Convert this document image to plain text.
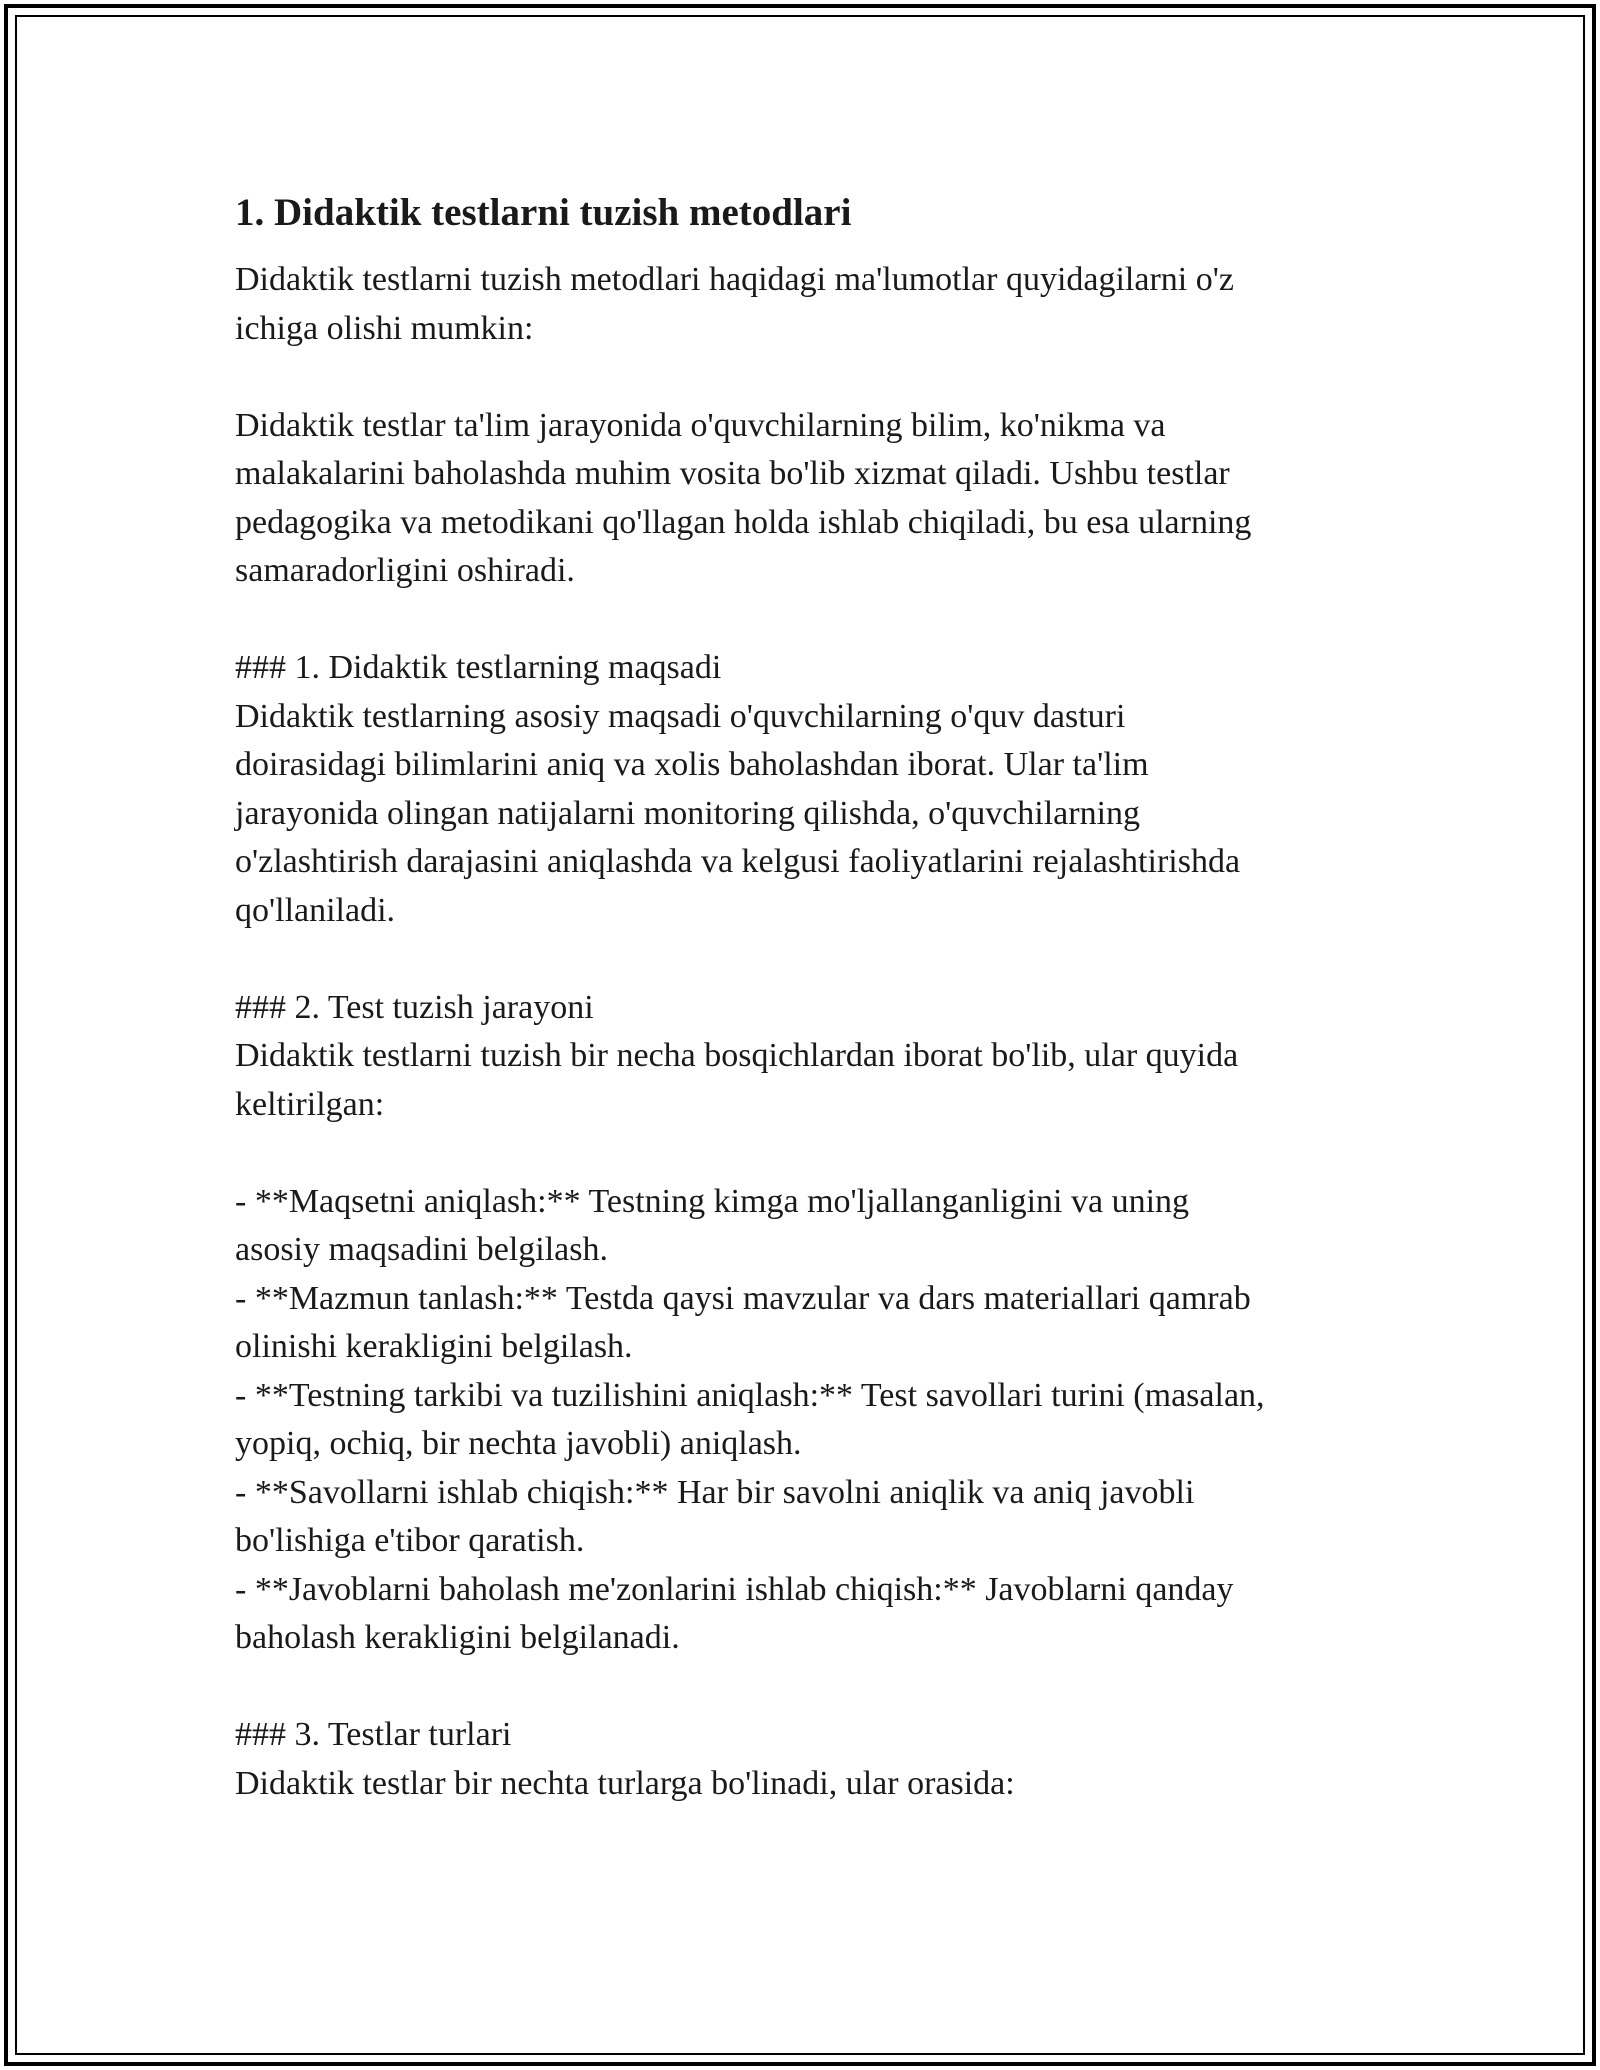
1. Didaktik testlarni tuzish metodlari

Didaktik testlarni tuzish metodlari haqidagi ma'lumotlar quyidagilarni o'z
ichiga olishi mumkin:

Didaktik testlar ta'lim jarayonida o'quvchilarning bilim, ko'nikma va
malakalarini baholashda muhim vosita bo'lib xizmat qiladi. Ushbu testlar
pedagogika va metodikani qo'llagan holda ishlab chiqiladi, bu esa ularning
samaradorligini oshiradi.

### 1. Didaktik testlarning maqsadi
Didaktik testlarning asosiy maqsadi o'quvchilarning o'quv dasturi
doirasidagi bilimlarini aniq va xolis baholashdan iborat. Ular ta'lim
jarayonida olingan natijalarni monitoring qilishda, o'quvchilarning
o'zlashtirish darajasini aniqlashda va kelgusi faoliyatlarini rejalashtirishda
qo'llaniladi.

### 2. Test tuzish jarayoni
Didaktik testlarni tuzish bir necha bosqichlardan iborat bo'lib, ular quyida
keltirilgan:

- **Maqsetni aniqlash:** Testning kimga mo'ljallanganligini va uning
asosiy maqsadini belgilash.
- **Mazmun tanlash:** Testda qaysi mavzular va dars materiallari qamrab
olinishi kerakligini belgilash.
- **Testning tarkibi va tuzilishini aniqlash:** Test savollari turini (masalan,
yopiq, ochiq, bir nechta javobli) aniqlash.
- **Savollarni ishlab chiqish:** Har bir savolni aniqlik va aniq javobli
bo'lishiga e'tibor qaratish.
- **Javoblarni baholash me'zonlarini ishlab chiqish:** Javoblarni qanday
baholash kerakligini belgilanadi.

### 3. Testlar turlari
Didaktik testlar bir nechta turlarga bo'linadi, ular orasida:
